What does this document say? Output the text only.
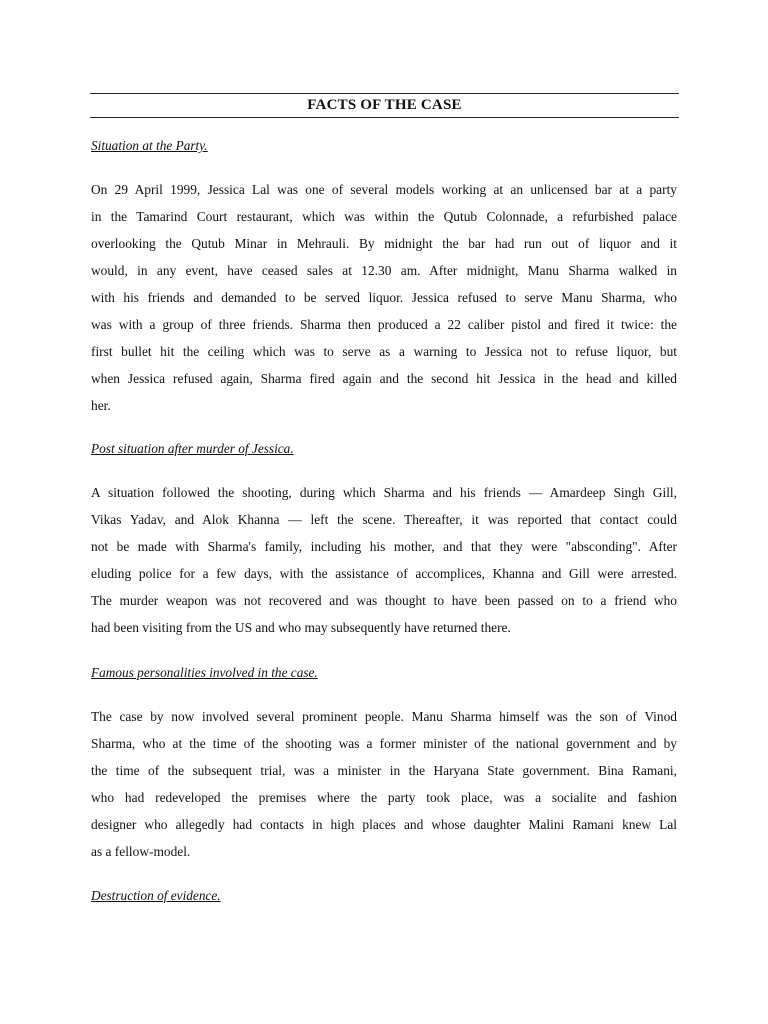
FACTS OF THE CASE
Situation at the Party.
On 29 April 1999, Jessica Lal was one of several models working at an unlicensed bar at a party
in the Tamarind Court restaurant, which was within the Qutub Colonnade, a refurbished palace
overlooking the Qutub Minar in Mehrauli. By midnight the bar had run out of liquor and it
would, in any event, have ceased sales at 12.30 am. After midnight, Manu Sharma walked in
with his friends and demanded to be served liquor. Jessica refused to serve Manu Sharma, who
was with a group of three friends. Sharma then produced a 22 caliber pistol and fired it twice: the
first bullet hit the ceiling which was to serve as a warning to Jessica not to refuse liquor, but
when Jessica refused again, Sharma fired again and the second hit Jessica in the head and killed
her.
Post situation after murder of Jessica.
A situation followed the shooting, during which Sharma and his friends — Amardeep Singh Gill,
Vikas Yadav, and Alok Khanna — left the scene. Thereafter, it was reported that contact could
not be made with Sharma's family, including his mother, and that they were "absconding". After
eluding police for a few days, with the assistance of accomplices, Khanna and Gill were arrested.
The murder weapon was not recovered and was thought to have been passed on to a friend who
had been visiting from the US and who may subsequently have returned there.
Famous personalities involved in the case.
The case by now involved several prominent people. Manu Sharma himself was the son of Vinod
Sharma, who at the time of the shooting was a former minister of the national government and by
the time of the subsequent trial, was a minister in the Haryana State government. Bina Ramani,
who had redeveloped the premises where the party took place, was a socialite and fashion
designer who allegedly had contacts in high places and whose daughter Malini Ramani knew Lal
as a fellow-model.
Destruction of evidence.
